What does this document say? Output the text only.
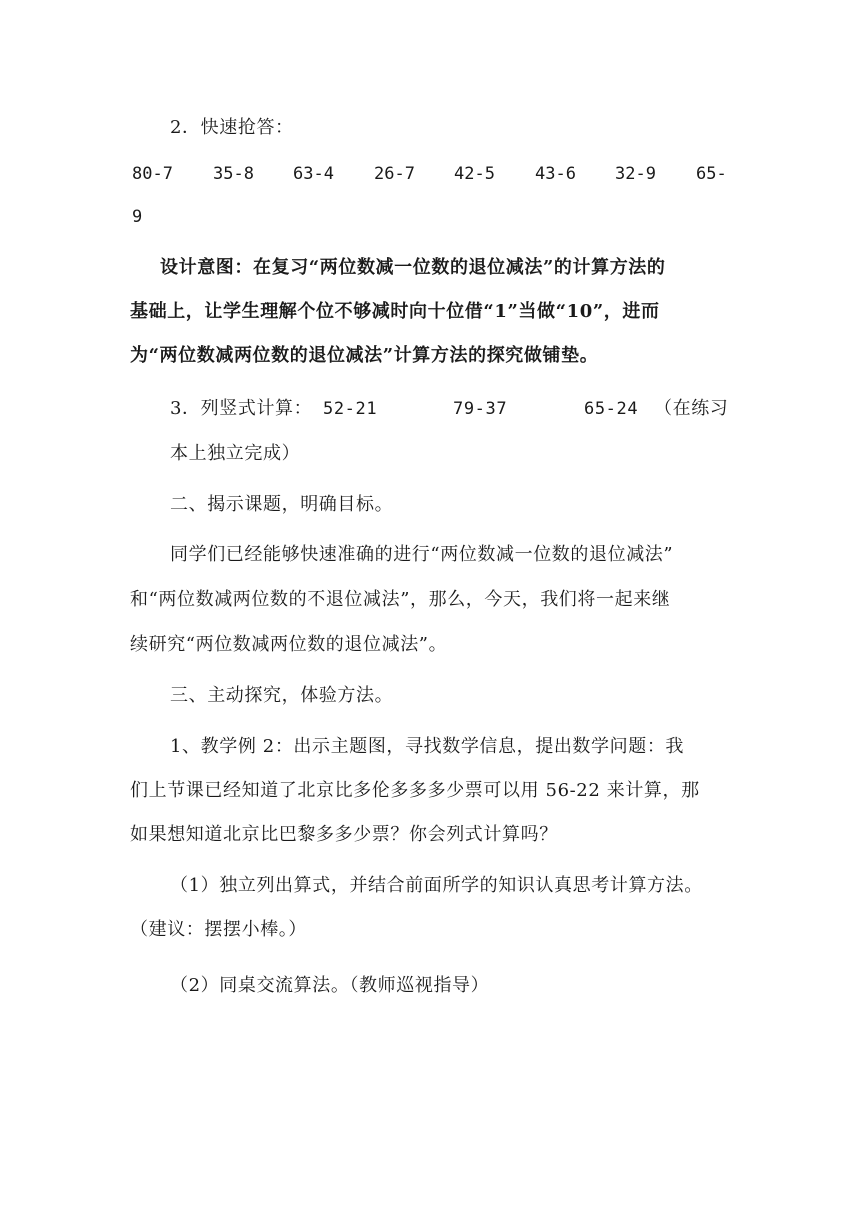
2．快速抢答：
80-7 35-8 63-4 26-7 42-5 43-6 32-9 65-
9
设计意图：在复习“两位数减一位数的退位减法”的计算方法的
基础上，让学生理解个位不够减时向十位借“1”当做“10”，进而
为“两位数减两位数的退位减法”计算方法的探究做铺垫。
3．列竖式计算： 52-21	79-37	65-24 （在练习
本上独立完成）
二、揭示课题，明确目标。
同学们已经能够快速准确的进行“两位数减一位数的退位减法”
和“两位数减两位数的不退位减法”，那么，今天，我们将一起来继
续研究“两位数减两位数的退位减法”。
三、主动探究，体验方法。
1、教学例 2：出示主题图，寻找数学信息，提出数学问题：我
们上节课已经知道了北京比多伦多多多少票可以用 56-22 来计算，那
如果想知道北京比巴黎多多少票？你会列式计算吗？
（1）独立列出算式，并结合前面所学的知识认真思考计算方法。
（建议：摆摆小棒。）
（2）同桌交流算法。（教师巡视指导）
